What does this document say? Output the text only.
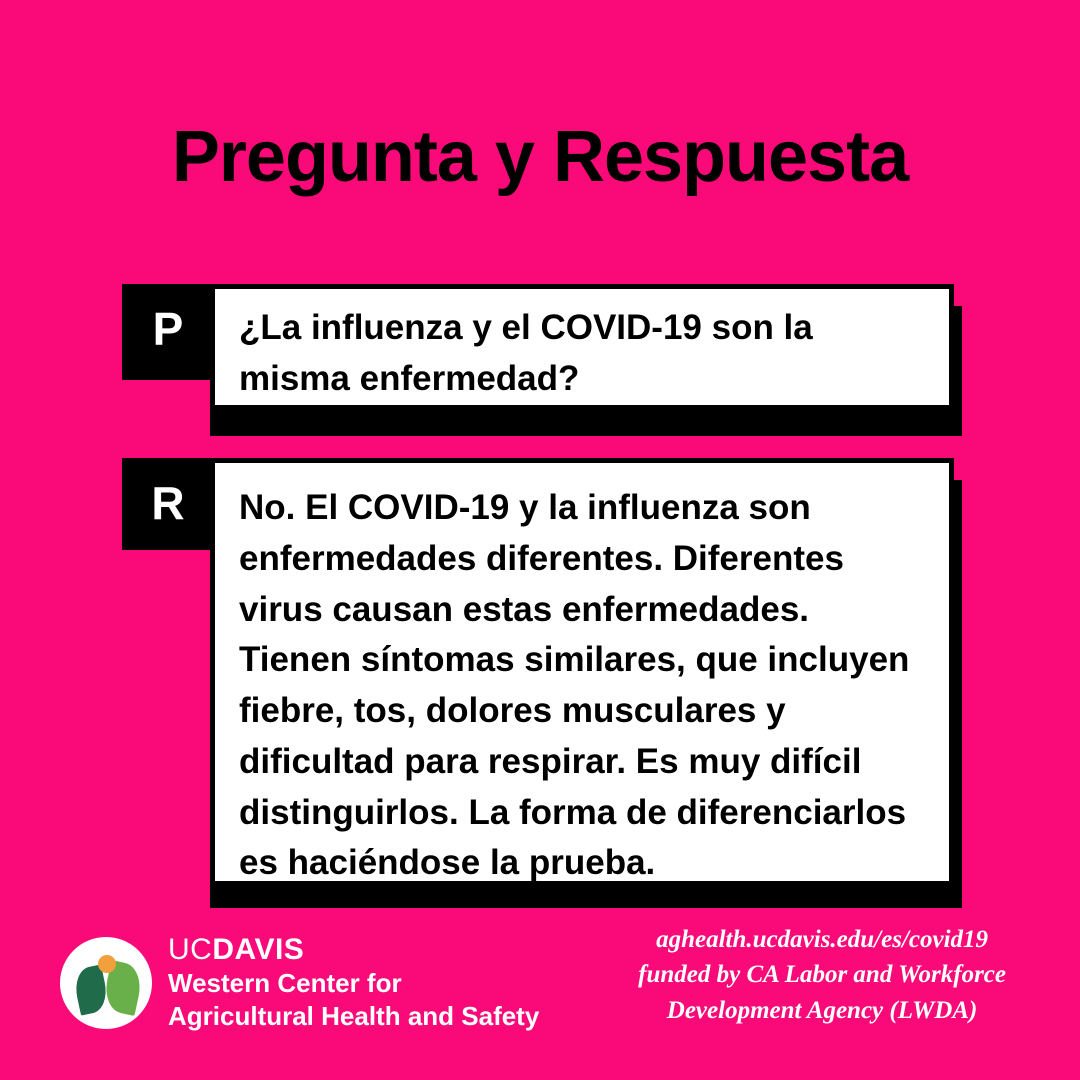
Pregunta y Respuesta
¿La influenza y el COVID-19 son la misma enfermedad?
P
No. El COVID-19 y la influenza son enfermedades diferentes. Diferentes virus causan estas enfermedades. Tienen síntomas similares, que incluyen fiebre, tos, dolores musculares y dificultad para respirar. Es muy difícil distinguirlos. La forma de diferenciarlos es haciéndose la prueba.
R
UCDAVIS
Western Center for
Agricultural Health and Safety
aghealth.ucdavis.edu/es/covid19
funded by CA Labor and Workforce
Development Agency (LWDA)
